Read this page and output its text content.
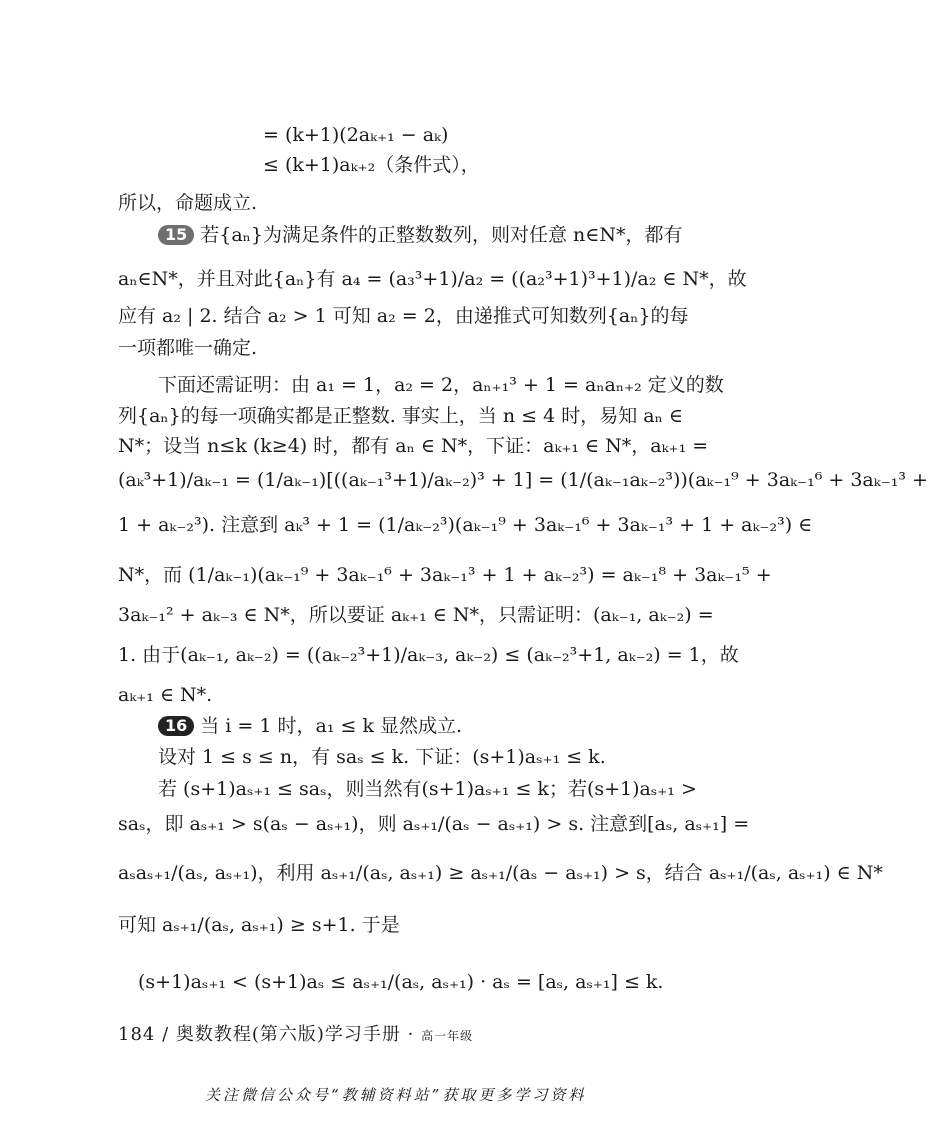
= (k+1)(2aₖ₊₁ − aₖ)
≤ (k+1)aₖ₊₂（条件式），
所以，命题成立.
15 若{aₙ}为满足条件的正整数数列，则对任意 n∈N*，都有
aₙ∈N*，并且对此{aₙ}有 a₄ = (a₃³+1)/a₂ = ((a₂³+1)³+1)/a₂ ∈ N*，故
应有 a₂ | 2. 结合 a₂ > 1 可知 a₂ = 2，由递推式可知数列{aₙ}的每
一项都唯一确定.
下面还需证明：由 a₁ = 1，a₂ = 2，aₙ₊₁³ + 1 = aₙaₙ₊₂ 定义的数
列{aₙ}的每一项确实都是正整数. 事实上，当 n ≤ 4 时，易知 aₙ ∈
N*；设当 n≤k (k≥4) 时，都有 aₙ ∈ N*，下证：aₖ₊₁ ∈ N*，aₖ₊₁ =
(aₖ³+1)/aₖ₋₁ = (1/aₖ₋₁)[((aₖ₋₁³+1)/aₖ₋₂)³ + 1] = (1/(aₖ₋₁aₖ₋₂³))(aₖ₋₁⁹ + 3aₖ₋₁⁶ + 3aₖ₋₁³ +
1 + aₖ₋₂³). 注意到 aₖ³ + 1 = (1/aₖ₋₂³)(aₖ₋₁⁹ + 3aₖ₋₁⁶ + 3aₖ₋₁³ + 1 + aₖ₋₂³) ∈
N*，而 (1/aₖ₋₁)(aₖ₋₁⁹ + 3aₖ₋₁⁶ + 3aₖ₋₁³ + 1 + aₖ₋₂³) = aₖ₋₁⁸ + 3aₖ₋₁⁵ +
3aₖ₋₁² + aₖ₋₃ ∈ N*，所以要证 aₖ₊₁ ∈ N*，只需证明：(aₖ₋₁, aₖ₋₂) =
1. 由于(aₖ₋₁, aₖ₋₂) = ((aₖ₋₂³+1)/aₖ₋₃, aₖ₋₂) ≤ (aₖ₋₂³+1, aₖ₋₂) = 1，故
aₖ₊₁ ∈ N*.
16 当 i = 1 时，a₁ ≤ k 显然成立.
设对 1 ≤ s ≤ n，有 saₛ ≤ k. 下证：(s+1)aₛ₊₁ ≤ k.
若 (s+1)aₛ₊₁ ≤ saₛ，则当然有(s+1)aₛ₊₁ ≤ k；若(s+1)aₛ₊₁ >
saₛ，即 aₛ₊₁ > s(aₛ − aₛ₊₁)，则 aₛ₊₁/(aₛ − aₛ₊₁) > s. 注意到[aₛ, aₛ₊₁] =
aₛaₛ₊₁/(aₛ, aₛ₊₁)，利用 aₛ₊₁/(aₛ, aₛ₊₁) ≥ aₛ₊₁/(aₛ − aₛ₊₁) > s，结合 aₛ₊₁/(aₛ, aₛ₊₁) ∈ N*
可知 aₛ₊₁/(aₛ, aₛ₊₁) ≥ s+1. 于是
(s+1)aₛ₊₁ < (s+1)aₛ ≤ aₛ₊₁/(aₛ, aₛ₊₁) · aₛ = [aₛ, aₛ₊₁] ≤ k.
184 / 奥数教程(第六版)学习手册 · 高一年级
关注微信公众号“教辅资料站”获取更多学习资料
